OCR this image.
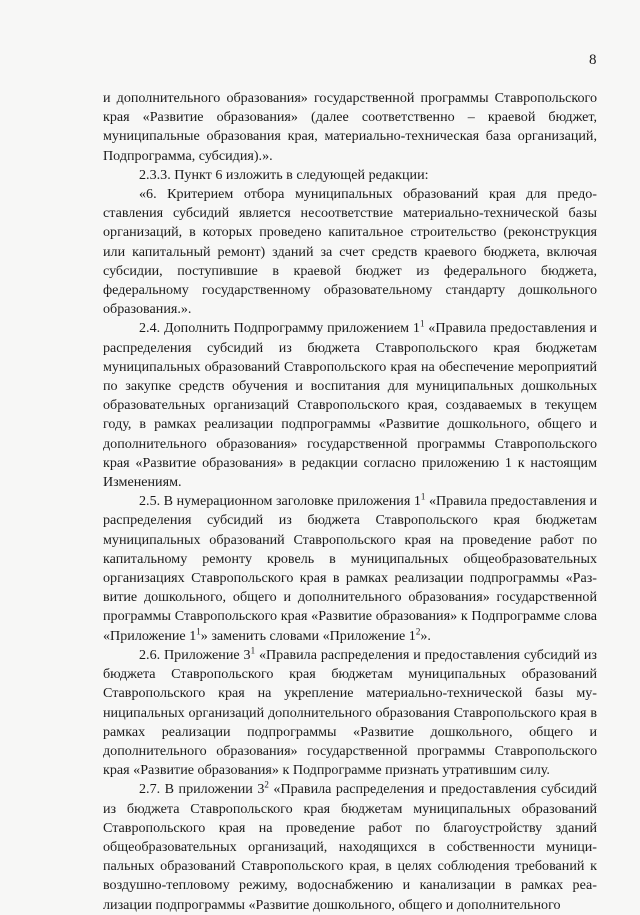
8

и дополнительного образования» государственной программы Ставропольского края «Развитие образования» (далее соответственно – краевой бюджет, муниципальные образования края, материально-техническая база организаций, Подпрограмма, субсидия).».

2.3.3. Пункт 6 изложить в следующей редакции:

«6. Критерием отбора муниципальных образований края для предоставления субсидий является несоответствие материально-технической базы организаций, в которых проведено капитальное строительство (реконструкция или капитальный ремонт) зданий за счет средств краевого бюджета, включая субсидии, поступившие в краевой бюджет из федерального бюджета, федеральному государственному образовательному стандарту дошкольного образования.».

2.4. Дополнить Подпрограмму приложением $1^1$ «Правила предоставления и распределения субсидий из бюджета Ставропольского края бюджетам муниципальных образований Ставропольского края на обеспечение мероприятий по закупке средств обучения и воспитания для муниципальных дошкольных образовательных организаций Ставропольского края, создаваемых в текущем году, в рамках реализации подпрограммы «Развитие дошкольного, общего и дополнительного образования» государственной программы Ставропольского края «Развитие образования» в редакции согласно приложению 1 к настоящим Изменениям.

2.5. В нумерационном заголовке приложения $1^1$ «Правила предоставления и распределения субсидий из бюджета Ставропольского края бюджетам муниципальных образований Ставропольского края на проведение работ по капитальному ремонту кровель в муниципальных общеобразовательных организациях Ставропольского края в рамках реализации подпрограммы «Развитие дошкольного, общего и дополнительного образования» государственной программы Ставропольского края «Развитие образования» к Подпрограмме слова «Приложение $1^1$» заменить словами «Приложение $1^2$».

2.6. Приложение $3^1$ «Правила распределения и предоставления субсидий из бюджета Ставропольского края бюджетам муниципальных образований Ставропольского края на укрепление материально-технической базы муниципальных организаций дополнительного образования Ставропольского края в рамках реализации подпрограммы «Развитие дошкольного, общего и дополнительного образования» государственной программы Ставропольского края «Развитие образования» к Подпрограмме признать утратившим силу.

2.7. В приложении $3^2$ «Правила распределения и предоставления субсидий из бюджета Ставропольского края бюджетам муниципальных образований Ставропольского края на проведение работ по благоустройству зданий общеобразовательных организаций, находящихся в собственности муниципальных образований Ставропольского края, в целях соблюдения требований к воздушно-тепловому режиму, водоснабжению и канализации в рамках реализации подпрограммы «Развитие дошкольного, общего и дополнительного
